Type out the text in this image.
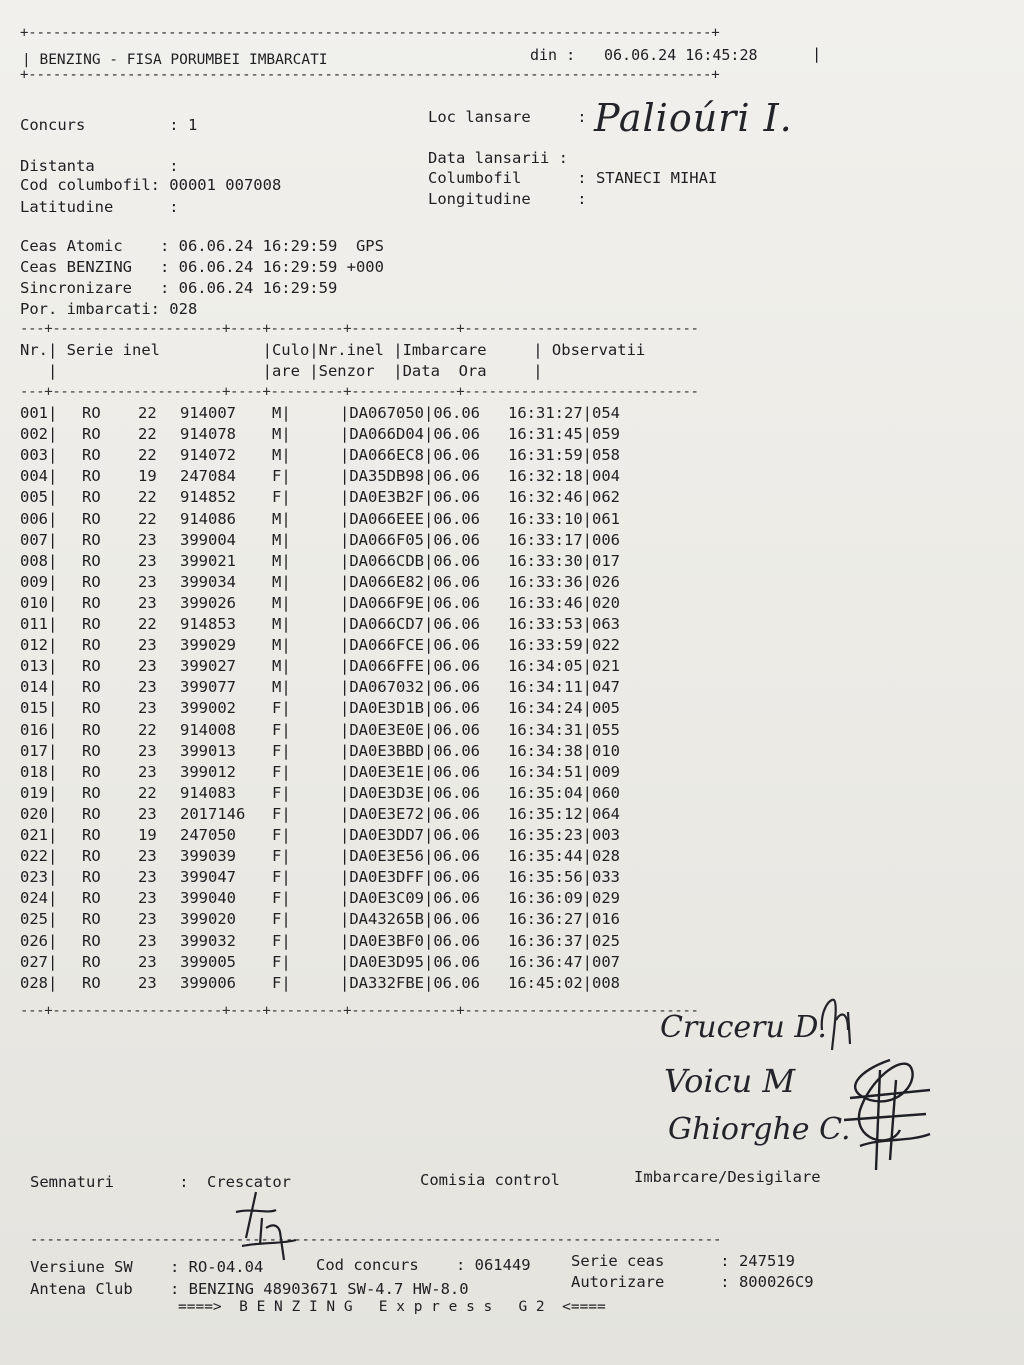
+-----------------------------------------------------------------------------------+
| BENZING - FISA PORUMBEI IMBARCATI	din : 06.06.24 16:45:28	|
+-----------------------------------------------------------------------------------+
Concurs         : 1
Distanta        :
Cod columbofil: 00001 007008
Latitudine      :
Loc lansare     : Palioúri I.
Data lansarii :
Columbofil      : STANECI MIHAI
Longitudine     :
Ceas Atomic    : 06.06.24 16:29:59  GPS
Ceas BENZING   : 06.06.24 16:29:59 +000
Sincronizare   : 06.06.24 16:29:59
Por. imbarcati: 028
---+---------------------+----+---------+-------------+-----------------------------
Nr.| Serie inel           |Culo|Nr.inel |Imbarcare     | Observatii
|                      |are |Senzor  |Data  Ora     |
---+---------------------+----+---------+-------------+-----------------------------
001| RO 22 914007 M|	|DA067050|06.06 16:31:27|054
002| RO 22 914078 M|	|DA066D04|06.06 16:31:45|059
003| RO 22 914072 M|	|DA066EC8|06.06 16:31:59|058
004| RO 19 247084 F|	|DA35DB98|06.06 16:32:18|004
005| RO 22 914852 F|	|DA0E3B2F|06.06 16:32:46|062
006| RO 22 914086 M|	|DA066EEE|06.06 16:33:10|061
007| RO 23 399004 M|	|DA066F05|06.06 16:33:17|006
008| RO 23 399021 M|	|DA066CDB|06.06 16:33:30|017
009| RO 23 399034 M|	|DA066E82|06.06 16:33:36|026
010| RO 23 399026 M|	|DA066F9E|06.06 16:33:46|020
011| RO 22 914853 M|	|DA066CD7|06.06 16:33:53|063
012| RO 23 399029 M|	|DA066FCE|06.06 16:33:59|022
013| RO 23 399027 M|	|DA066FFE|06.06 16:34:05|021
014| RO 23 399077 M|	|DA067032|06.06 16:34:11|047
015| RO 23 399002 F|	|DA0E3D1B|06.06 16:34:24|005
016| RO 22 914008 F|	|DA0E3E0E|06.06 16:34:31|055
017| RO 23 399013 F|	|DA0E3BBD|06.06 16:34:38|010
018| RO 23 399012 F|	|DA0E3E1E|06.06 16:34:51|009
019| RO 22 914083 F|	|DA0E3D3E|06.06 16:35:04|060
020| RO 23 2017146 F|	|DA0E3E72|06.06 16:35:12|064
021| RO 19 247050 F|	|DA0E3DD7|06.06 16:35:23|003
022| RO 23 399039 F|	|DA0E3E56|06.06 16:35:44|028
023| RO 23 399047 F|	|DA0E3DFF|06.06 16:35:56|033
024| RO 23 399040 F|	|DA0E3C09|06.06 16:36:09|029
025| RO 23 399020 F|	|DA43265B|06.06 16:36:27|016
026| RO 23 399032 F|	|DA0E3BF0|06.06 16:36:37|025
027| RO 23 399005 F|	|DA0E3D95|06.06 16:36:47|007
028| RO 23 399006 F|	|DA332FBE|06.06 16:45:02|008
---+---------------------+----+---------+-------------+-----------------------------
Cruceru D.
Voicu M
Ghiorghe C.
Semnaturi       : Crescator	Comisia control	Imbarcare/Desigilare
------------------------------------------------------------------------------------
Versiune SW    : RO-04.04	Cod concurs    : 061449	Serie ceas      : 247519
Antena Club    : BENZING 48903671 SW-4.7 HW-8.0	Autorizare      : 800026C9
====>  B E N Z I N G   E x p r e s s   G 2  <====
